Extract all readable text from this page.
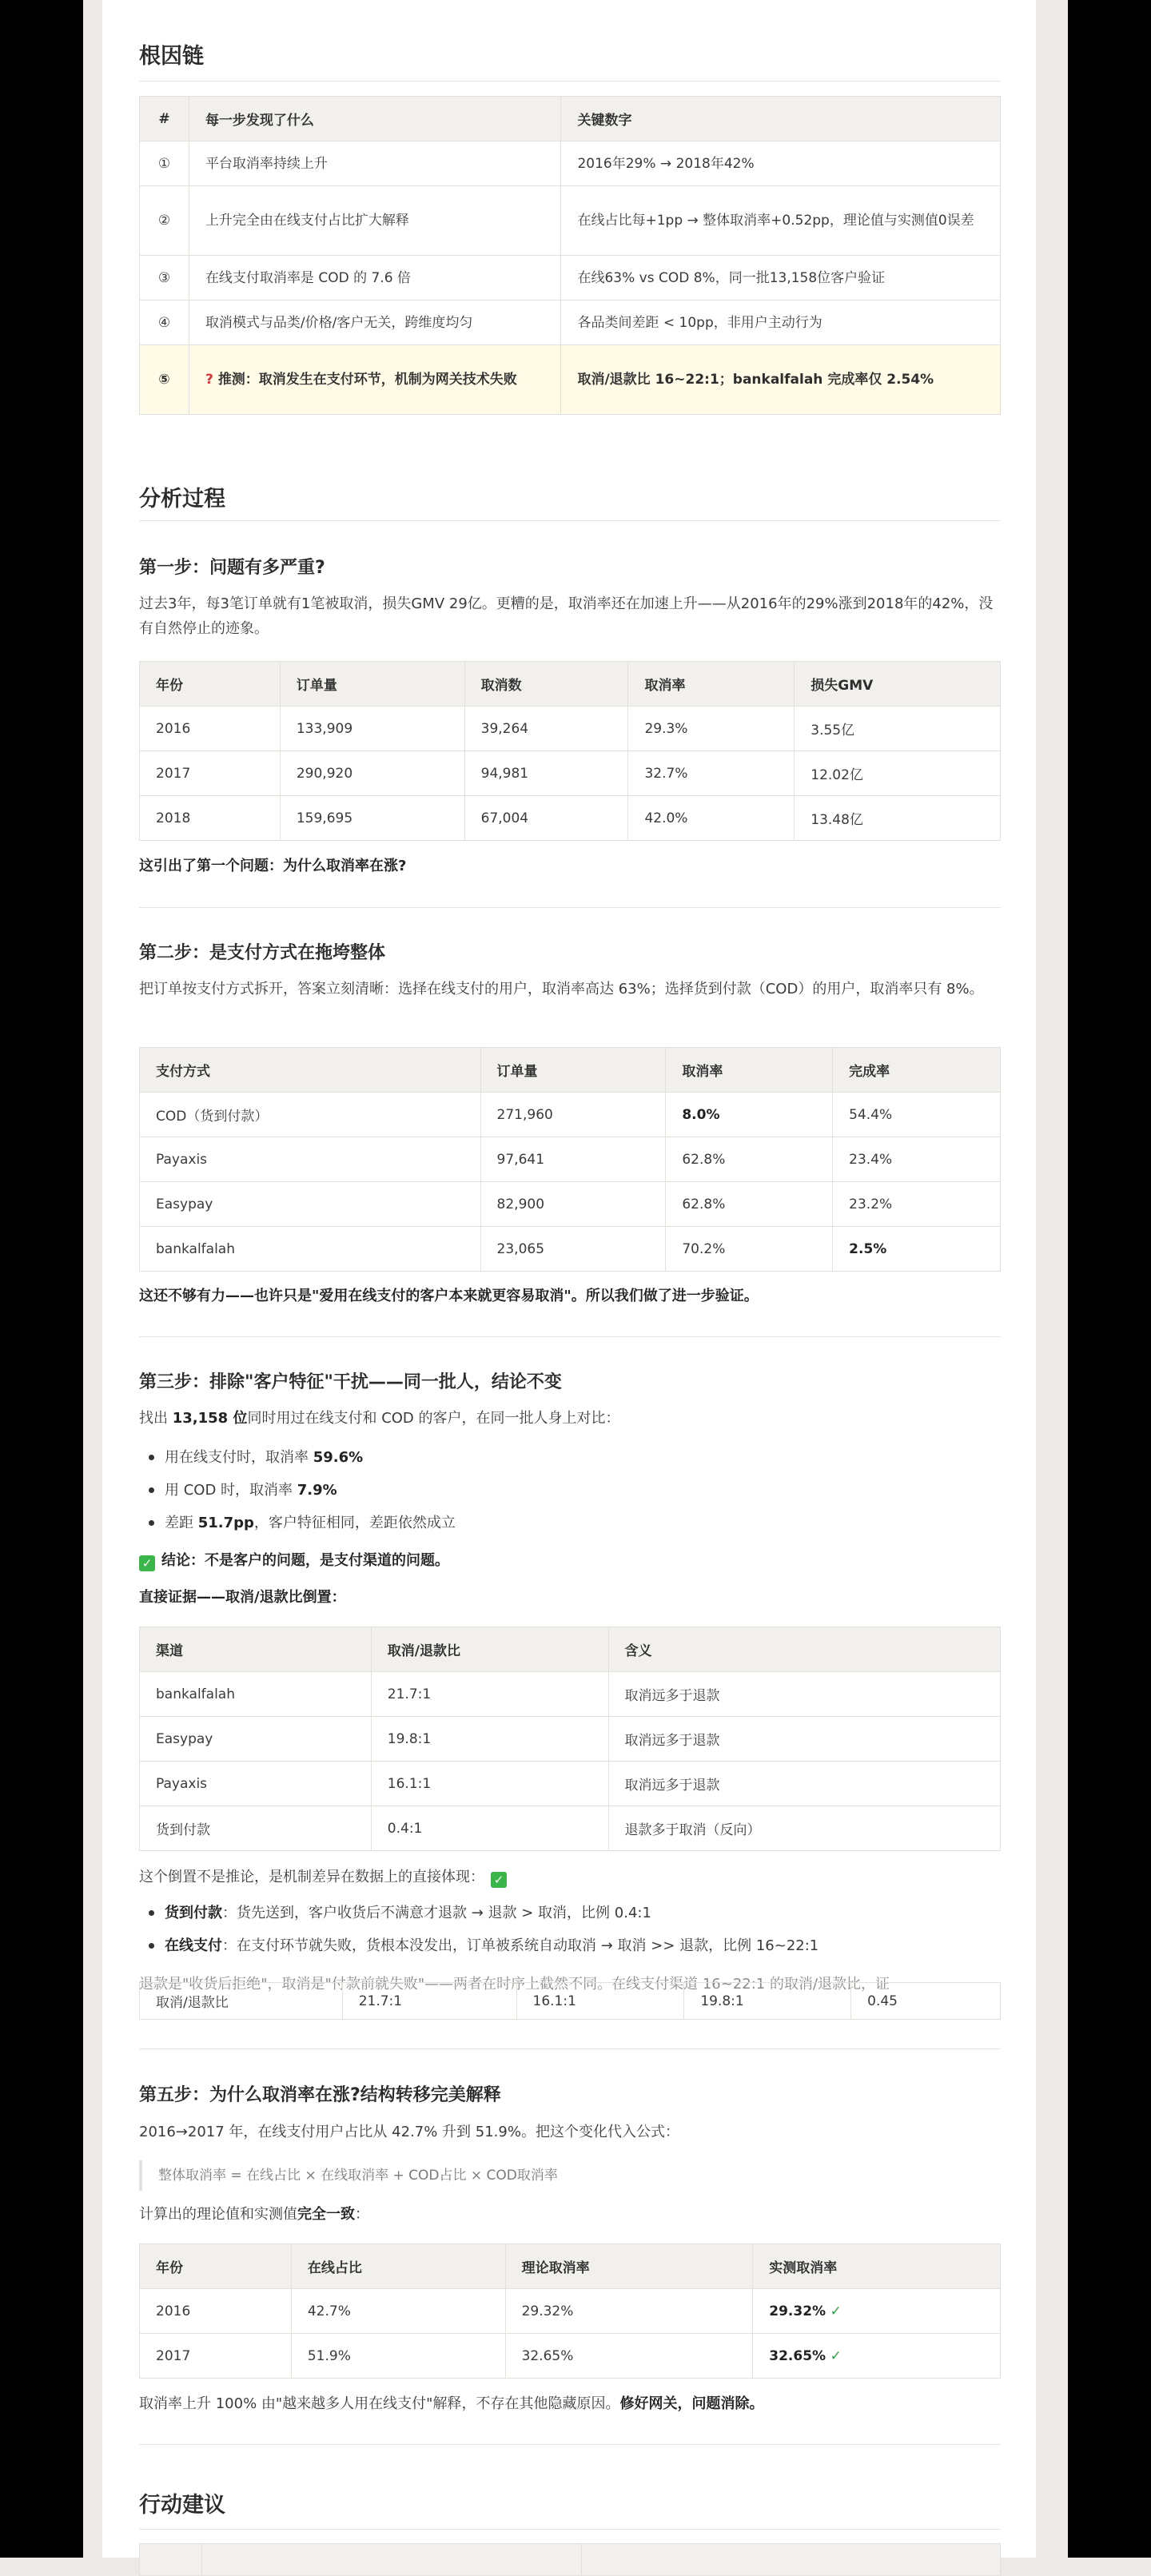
根因链
#	每一步发现了什么	关键数字
①	平台取消率持续上升	2016年29% → 2018年42%
②	上升完全由在线支付占比扩大解释	在线占比每+1pp → 整体取消率+0.52pp，理论值与实测值0误差
③	在线支付取消率是 COD 的 7.6 倍	在线63% vs COD 8%，同一批13,158位客户验证
④	取消模式与品类/价格/客户无关，跨维度均匀	各品类间差距 < 10pp，非用户主动行为
⑤	? 推测：取消发生在支付环节，机制为网关技术失败	取消/退款比 16~22:1；bankalfalah 完成率仅 2.54%
分析过程
第一步：问题有多严重?
过去3年，每3笔订单就有1笔被取消，损失GMV 29亿。更糟的是，取消率还在加速上升——从2016年的29%涨到2018年的42%，没有自然停止的迹象。
年份	订单量	取消数	取消率	损失GMV
2016	133,909	39,264	29.3%	3.55亿
2017	290,920	94,981	32.7%	12.02亿
2018	159,695	67,004	42.0%	13.48亿
这引出了第一个问题：为什么取消率在涨?
第二步：是支付方式在拖垮整体
把订单按支付方式拆开，答案立刻清晰：选择在线支付的用户，取消率高达 63%；选择货到付款（COD）的用户，取消率只有 8%。
支付方式	订单量	取消率	完成率
COD（货到付款）	271,960	8.0%	54.4%
Payaxis	97,641	62.8%	23.4%
Easypay	82,900	62.8%	23.2%
bankalfalah	23,065	70.2%	2.5%
这还不够有力——也许只是"爱用在线支付的客户本来就更容易取消"。所以我们做了进一步验证。
第三步：排除"客户特征"干扰——同一批人，结论不变
找出 13,158 位同时用过在线支付和 COD 的客户，在同一批人身上对比：
用在线支付时，取消率 59.6%
用 COD 时，取消率 7.9%
差距 51.7pp，客户特征相同，差距依然成立
✓ 结论：不是客户的问题，是支付渠道的问题。
直接证据——取消/退款比倒置：
渠道	取消/退款比	含义
bankalfalah	21.7:1	取消远多于退款
Easypay	19.8:1	取消远多于退款
Payaxis	16.1:1	取消远多于退款
货到付款	0.4:1	退款多于取消（反向）
这个倒置不是推论，是机制差异在数据上的直接体现： ✓
货到付款：货先送到，客户收货后不满意才退款 → 退款 > 取消，比例 0.4:1
在线支付：在支付环节就失败，货根本没发出，订单被系统自动取消 → 取消 >> 退款，比例 16~22:1
退款是"收货后拒绝"，取消是"付款前就失败"——两者在时序上截然不同。在线支付渠道 16~22:1 的取消/退款比，证
取消/退款比	21.7:1	16.1:1	19.8:1	0.45
第五步：为什么取消率在涨?结构转移完美解释
2016→2017 年，在线支付用户占比从 42.7% 升到 51.9%。把这个变化代入公式：
整体取消率 = 在线占比 × 在线取消率 + COD占比 × COD取消率
计算出的理论值和实测值完全一致：
年份	在线占比	理论取消率	实测取消率
2016	42.7%	29.32%	29.32% ✓
2017	51.9%	32.65%	32.65% ✓
取消率上升 100% 由"越来越多人用在线支付"解释，不存在其他隐藏原因。修好网关，问题消除。
行动建议
